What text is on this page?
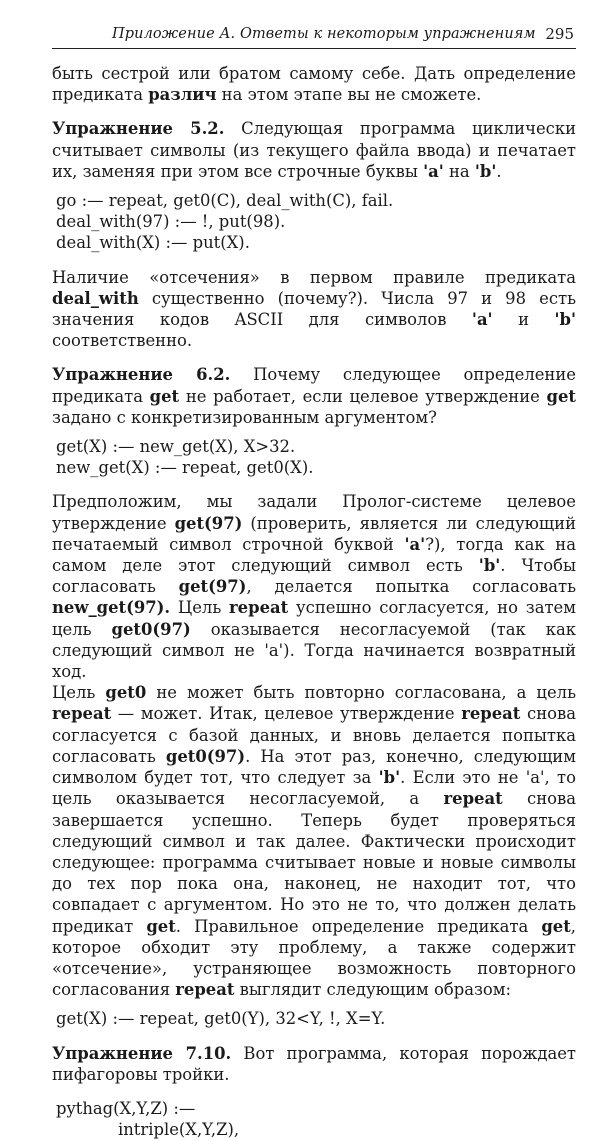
Приложение А. Ответы к некоторым упражнениям 295

быть сестрой или братом самому себе. Дать определение предиката различ на этом этапе вы не сможете.

Упражнение 5.2. Следующая программа циклически считывает символы (из текущего файла ввода) и печатает их, заменяя при этом все строчные буквы 'a' на 'b'.

go :— repeat, get0(C), deal_with(C), fail.
deal_with(97) :— !, put(98).
deal_with(X) :— put(X).

Наличие «отсечения» в первом правиле предиката deal_with существенно (почему?). Числа 97 и 98 есть значения кодов ASCII для символов 'a' и 'b' соответственно.

Упражнение 6.2. Почему следующее определение предиката get не работает, если целевое утверждение get задано с конкретизированным аргументом?

get(X) :— new_get(X), X>32.
new_get(X) :— repeat, get0(X).

Предположим, мы задали Пролог-системе целевое утверждение get(97) (проверить, является ли следующий печатаемый символ строчной буквой 'a'?), тогда как на самом деле этот следующий символ есть 'b'. Чтобы согласовать get(97), делается попытка согласовать new_get(97). Цель repeat успешно согласуется, но затем цель get0(97) оказывается несогласуемой (так как следующий символ не 'a'). Тогда начинается возвратный ход.

Цель get0 не может быть повторно согласована, а цель repeat — может. Итак, целевое утверждение repeat снова согласуется с базой данных, и вновь делается попытка согласовать get0(97). На этот раз, конечно, следующим символом будет тот, что следует за 'b'. Если это не 'a', то цель оказывается несогласуемой, а repeat снова завершается успешно. Теперь будет проверяться следующий символ и так далее. Фактически происходит следующее: программа считывает новые и новые символы до тех пор пока она, наконец, не находит тот, что совпадает с аргументом. Но это не то, что должен делать предикат get. Правильное определение предиката get, которое обходит эту проблему, а также содержит «отсечение», устраняющее возможность повторного согласования repeat выглядит следующим образом:

get(X) :— repeat, get0(Y), 32<Y, !, X=Y.

Упражнение 7.10. Вот программа, которая порождает пифагоровы тройки.

pythag(X,Y,Z) :—
intriple(X,Y,Z),
